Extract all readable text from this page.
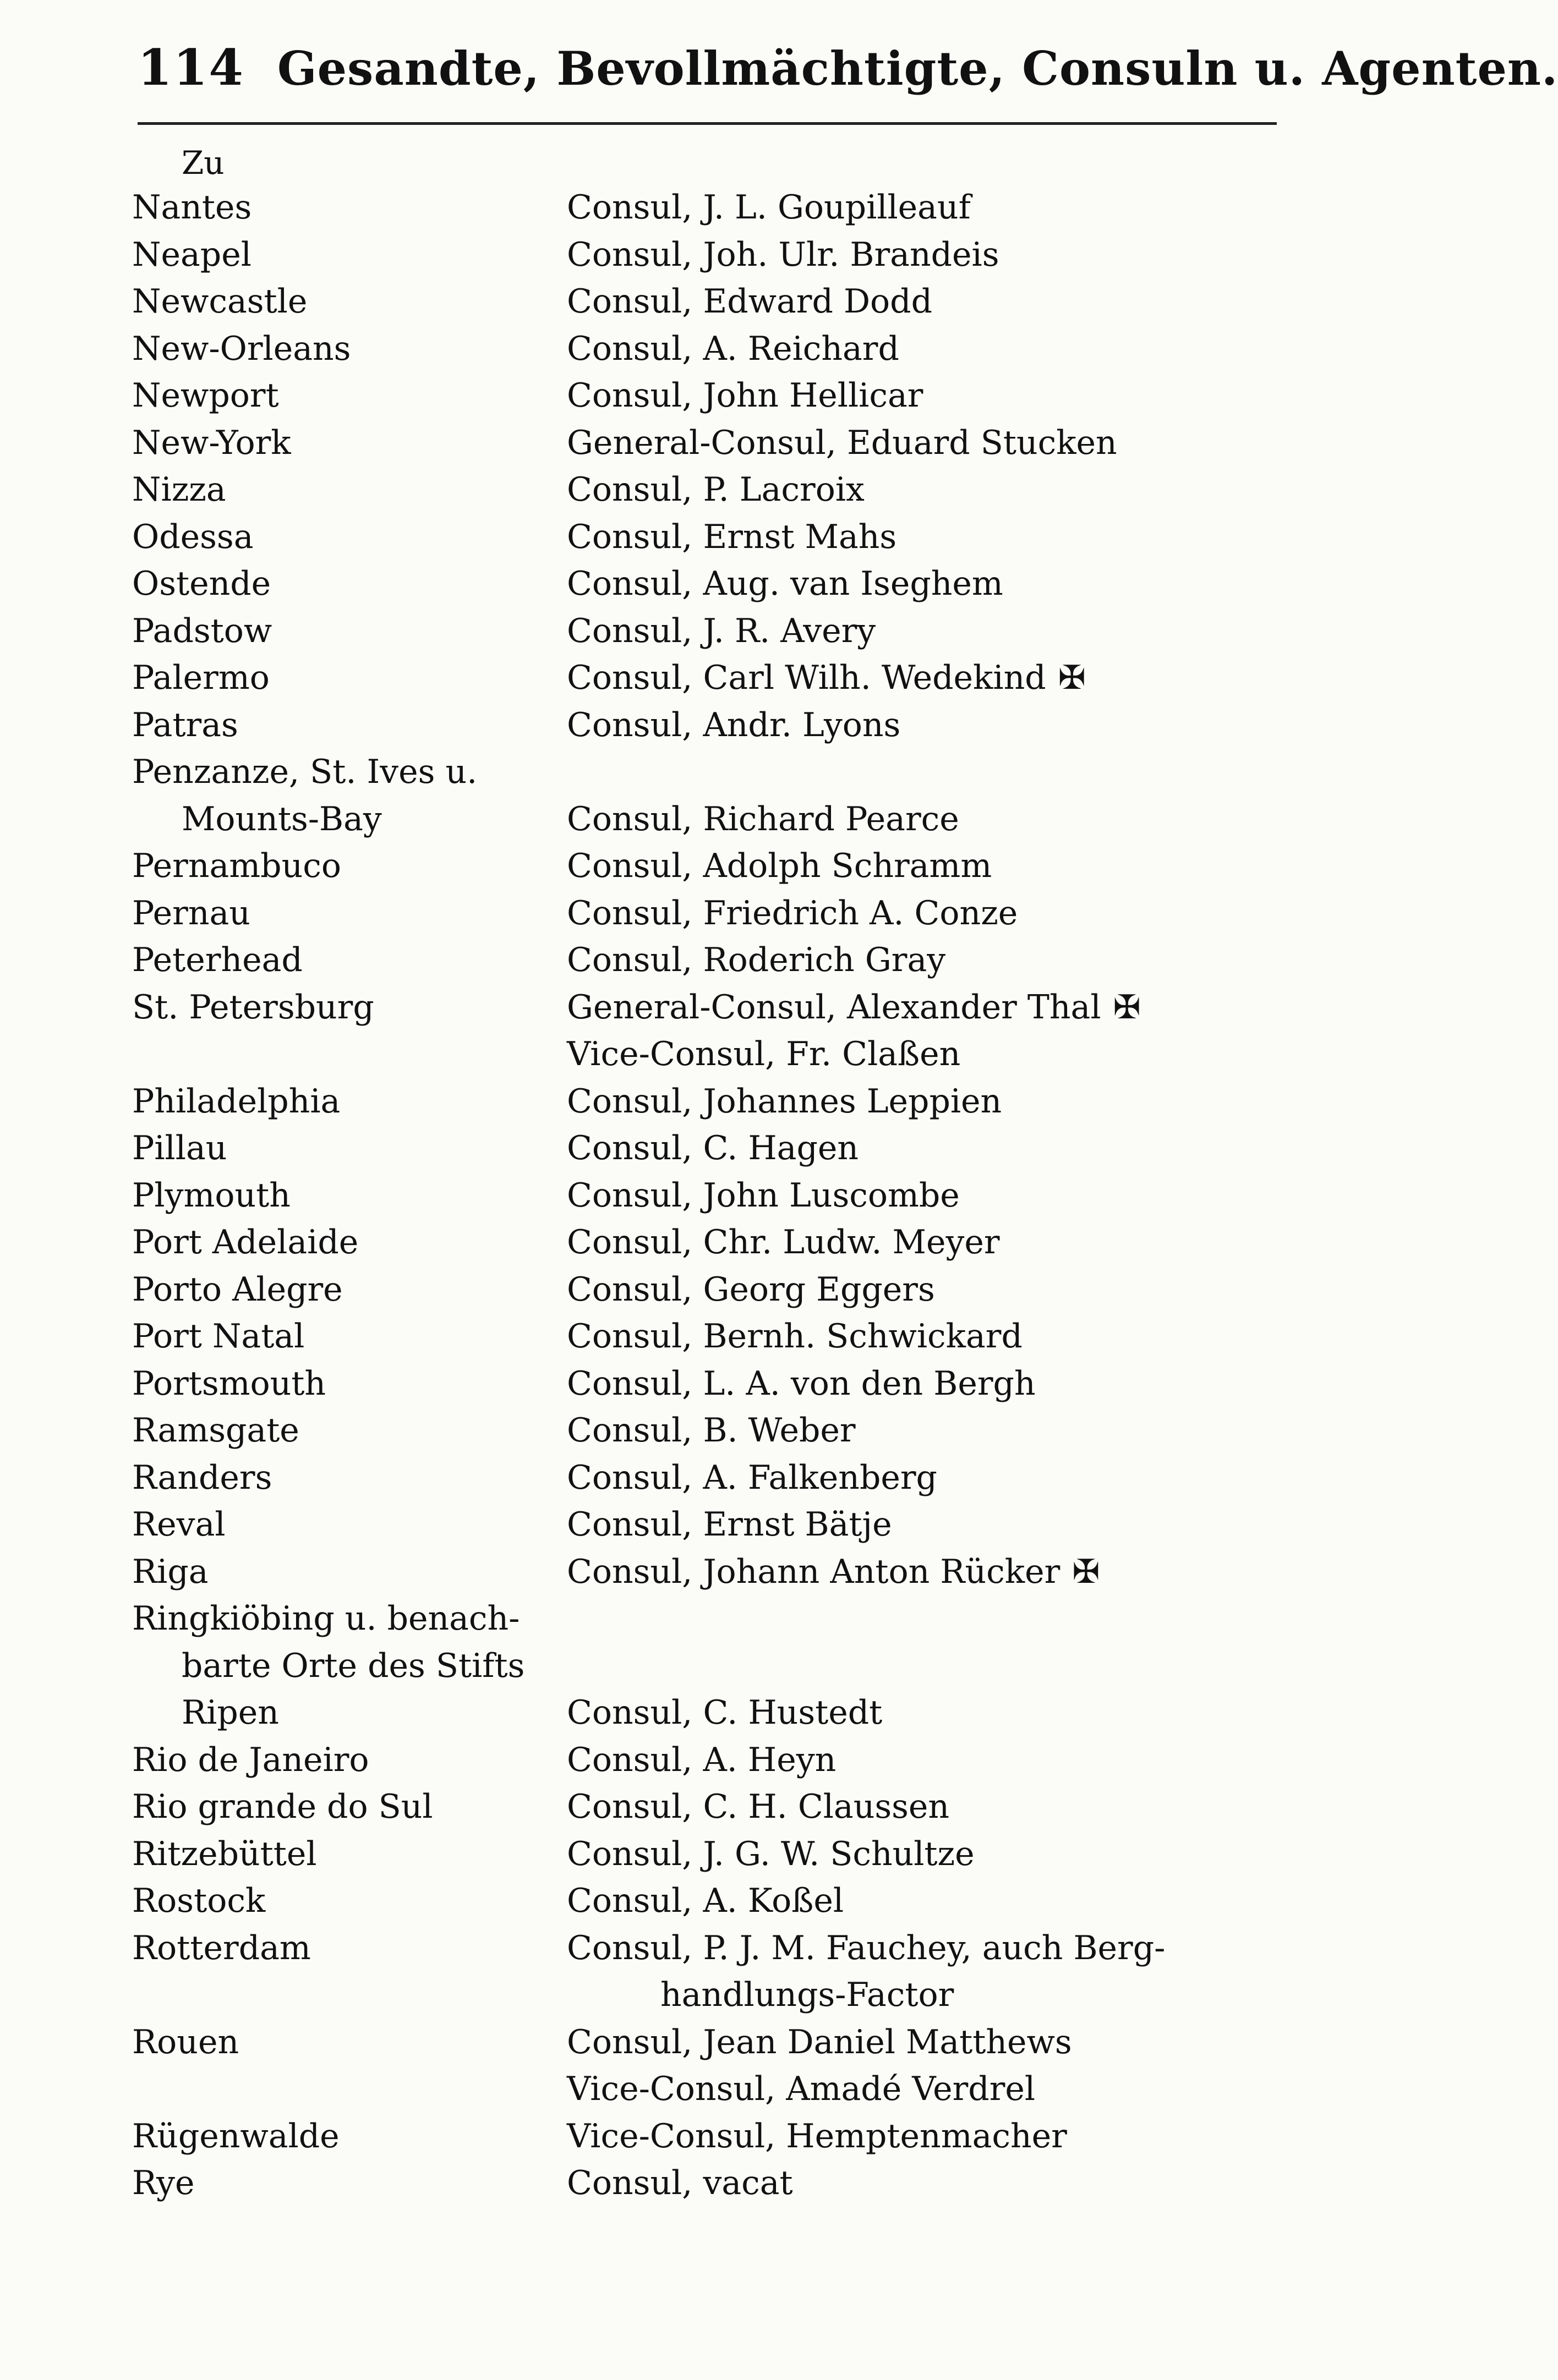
114 Gesandte, Bevollmächtigte, Consuln u. Agenten.
Zu
Nantes	Consul, J. L. Goupilleauf
Neapel	Consul, Joh. Ulr. Brandeis
Newcastle	Consul, Edward Dodd
New-Orleans	Consul, A. Reichard
Newport	Consul, John Hellicar
New-York	General-Consul, Eduard Stucken
Nizza	Consul, P. Lacroix
Odessa	Consul, Ernst Mahs
Ostende	Consul, Aug. van Iseghem
Padstow	Consul, J. R. Avery
Palermo	Consul, Carl Wilh. Wedekind ✠
Patras	Consul, Andr. Lyons
Penzanze, St. Ives u.
Mounts-Bay	Consul, Richard Pearce
Pernambuco	Consul, Adolph Schramm
Pernau	Consul, Friedrich A. Conze
Peterhead	Consul, Roderich Gray
St. Petersburg	General-Consul, Alexander Thal ✠
Vice-Consul, Fr. Claßen
Philadelphia	Consul, Johannes Leppien
Pillau	Consul, C. Hagen
Plymouth	Consul, John Luscombe
Port Adelaide	Consul, Chr. Ludw. Meyer
Porto Alegre	Consul, Georg Eggers
Port Natal	Consul, Bernh. Schwickard
Portsmouth	Consul, L. A. von den Bergh
Ramsgate	Consul, B. Weber
Randers	Consul, A. Falkenberg
Reval	Consul, Ernst Bätje
Riga	Consul, Johann Anton Rücker ✠
Ringkiöbing u. benach-
barte Orte des Stifts
Ripen	Consul, C. Hustedt
Rio de Janeiro	Consul, A. Heyn
Rio grande do Sul	Consul, C. H. Claussen
Ritzebüttel	Consul, J. G. W. Schultze
Rostock	Consul, A. Koßel
Rotterdam	Consul, P. J. M. Fauchey, auch Berg-
handlungs-Factor
Rouen	Consul, Jean Daniel Matthews
Vice-Consul, Amadé Verdrel
Rügenwalde	Vice-Consul, Hemptenmacher
Rye	Consul, vacat
